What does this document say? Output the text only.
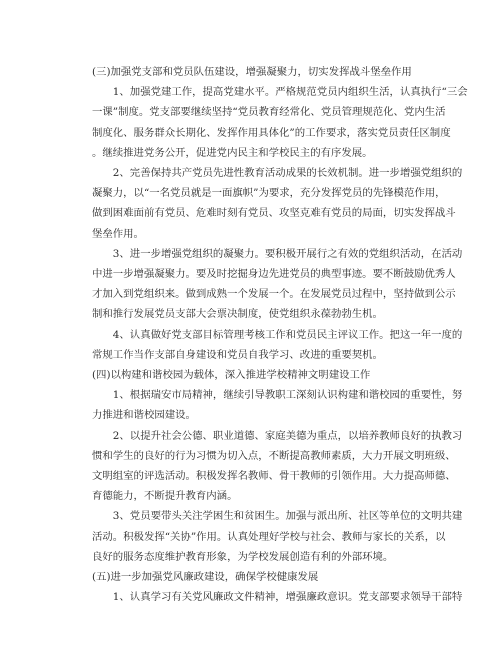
(三)加强党支部和党员队伍建设，增强凝聚力，切实发挥战斗堡垒作用

1、加强党建工作，提高党建水平。严格规范党员内组织生活，认真执行“三会

一课”制度。党支部要继续坚持“党员教育经常化、党员管理规范化、党内生活

制度化、服务群众长期化、发挥作用具体化”的工作要求，落实党员责任区制度

。继续推进党务公开，促进党内民主和学校民主的有序发展。

2、完善保持共产党员先进性教育活动成果的长效机制。进一步增强党组织的

凝聚力，以“一名党员就是一面旗帜”为要求，充分发挥党员的先锋模范作用，

做到困难面前有党员、危难时刻有党员、攻坚克难有党员的局面，切实发挥战斗

堡垒作用。

3、进一步增强党组织的凝聚力。要积极开展行之有效的党组织活动，在活动

中进一步增强凝聚力。要及时挖掘身边先进党员的典型事迹。要不断鼓励优秀人

才加入到党组织来。做到成熟一个发展一个。在发展党员过程中，坚持做到公示

制和推行发展党员支部大会票决制度，使党组织永葆勃勃生机。

4、认真做好党支部目标管理考核工作和党员民主评议工作。把这一年一度的

常规工作当作支部自身建设和党员自我学习、改进的重要契机。

(四)以构建和谐校园为载体，深入推进学校精神文明建设工作

1、根据瑞安市局精神，继续引导教职工深刻认识构建和谐校园的重要性，努

力推进和谐校园建设。

2、以提升社会公德、职业道德、家庭美德为重点，以培养教师良好的执教习

惯和学生的良好的行为习惯为切入点，不断提高教师素质，大力开展文明班级、

文明组室的评选活动。积极发挥名教师、骨干教师的引领作用。大力提高师德、

育德能力，不断提升教育内涵。

3、党员要带头关注学困生和贫困生。加强与派出所、社区等单位的文明共建

活动。积极发挥“关协”作用。认真处理好学校与社会、教师与家长的关系，以

良好的服务态度维护教育形象，为学校发展创造有利的外部环境。

(五)进一步加强党风廉政建设，确保学校健康发展

1、认真学习有关党风廉政文件精神，增强廉政意识。党支部要求领导干部特
